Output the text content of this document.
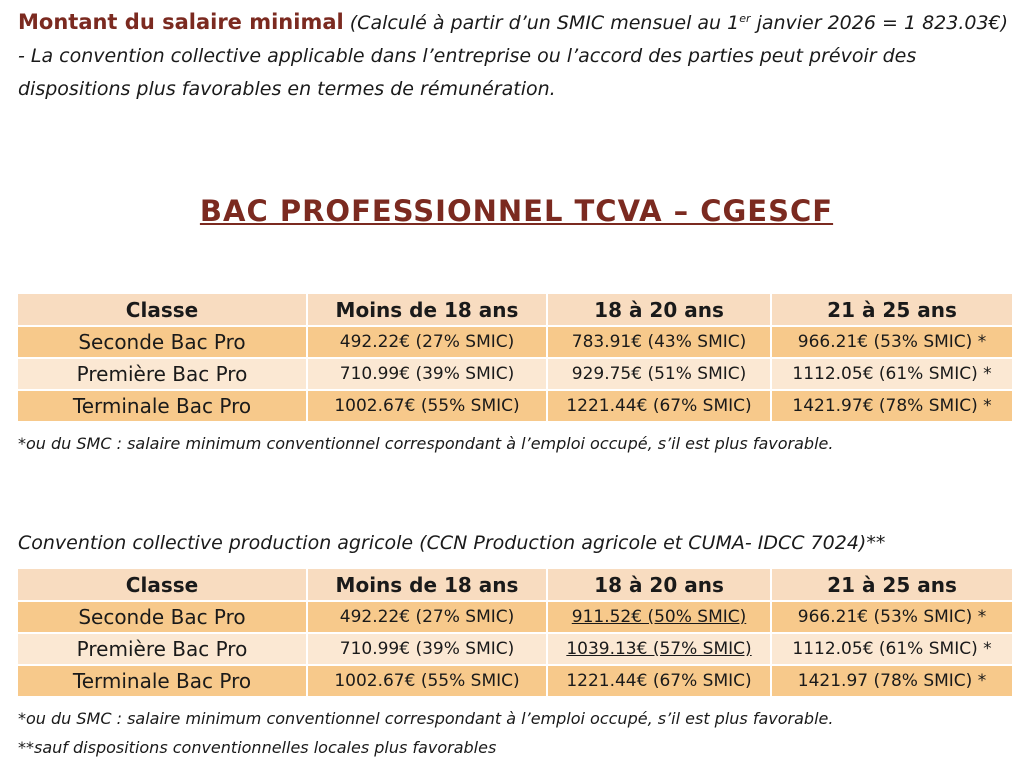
Montant du salaire minimal (Calculé à partir d’un SMIC mensuel au 1er janvier 2026 = 1 823.03€) - La convention collective applicable dans l’entreprise ou l’accord des parties peut prévoir des dispositions plus favorables en termes de rémunération.
BAC PROFESSIONNEL TCVA – CGESCF
Classe	Moins de 18 ans	18 à 20 ans	21 à 25 ans
Seconde Bac Pro	492.22€ (27% SMIC)	783.91€ (43% SMIC)	966.21€ (53% SMIC) *
Première Bac Pro	710.99€ (39% SMIC)	929.75€ (51% SMIC)	1112.05€ (61% SMIC) *
Terminale Bac Pro	1002.67€ (55% SMIC)	1221.44€ (67% SMIC)	1421.97€ (78% SMIC) *
*ou du SMC : salaire minimum conventionnel correspondant à l’emploi occupé, s’il est plus favorable.
Convention collective production agricole (CCN Production agricole et CUMA- IDCC 7024)**
Classe	Moins de 18 ans	18 à 20 ans	21 à 25 ans
Seconde Bac Pro	492.22€ (27% SMIC)	911.52€ (50% SMIC)	966.21€ (53% SMIC) *
Première Bac Pro	710.99€ (39% SMIC)	1039.13€ (57% SMIC)	1112.05€ (61% SMIC) *
Terminale Bac Pro	1002.67€ (55% SMIC)	1221.44€ (67% SMIC)	1421.97 (78% SMIC) *
*ou du SMC : salaire minimum conventionnel correspondant à l’emploi occupé, s’il est plus favorable.
**sauf dispositions conventionnelles locales plus favorables
